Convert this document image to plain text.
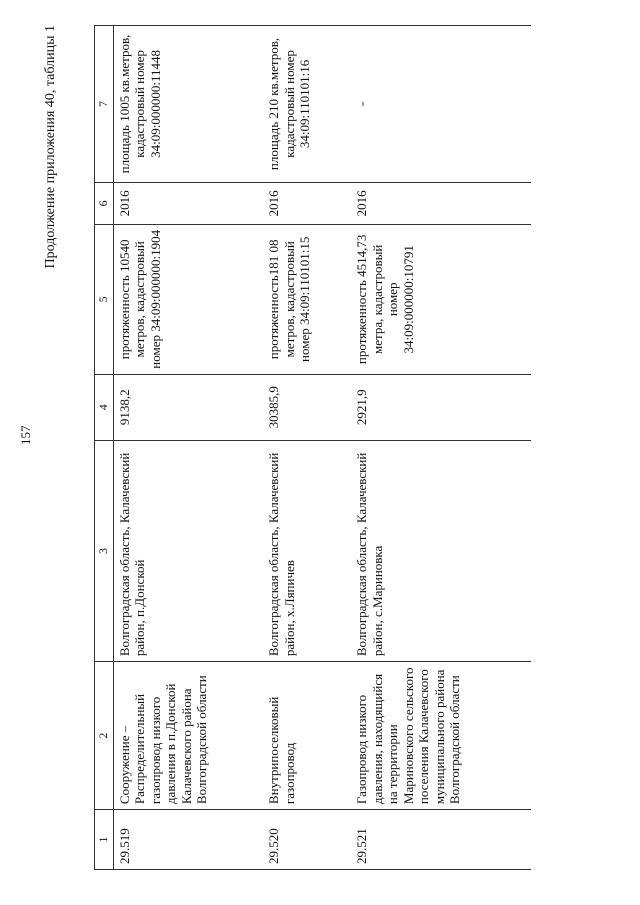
157
Продолжение приложения 40, таблицы 1
1	2	3	4	5	6	7
29.519	Сооружение – Распределительный газопровод низкого давления в п.Донской Калачевского района Волгоградской области	Волгоградская область, Калачевский район, п.Донской	9138,2	протяженность 10540 метров, кадастровый номер 34:09:000000:1904	2016	площадь 1005 кв.метров, кадастровый номер 34:09:000000:11448
29.520	Внутрипоселковый газопровод	Волгоградская область, Калачевский район, х.Ляпичев	30385,9	протяженность181 08 метров, кадастровый номер 34:09:110101:15	2016	площадь 210 кв.метров, кадастровый номер 34:09:110101:16
29.521	Газопровод низкого давления, находящийся на территории Мариновского сельского поселения Калачевского муниципального района Волгоградской области	Волгоградская область, Калачевский район, с.Мариновка	2921,9	протяженность 4514,73 метра, кадастровый номер 34:09:000000:10791	2016	-
